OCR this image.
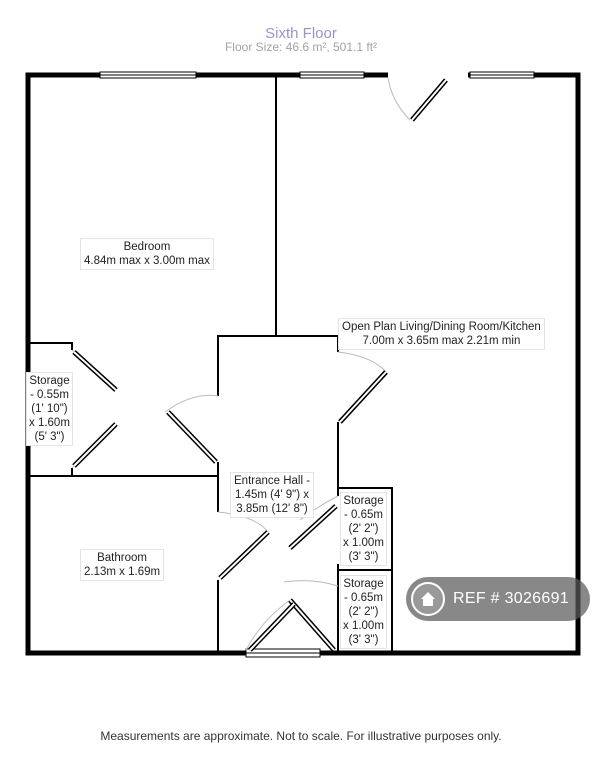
Sixth Floor
Floor Size: 46.6 m², 501.1 ft²
Bedroom
4.84m max x 3.00m max
Open Plan Living/Dining Room/Kitchen
7.00m x 3.65m max 2.21m min
Storage
- 0.55m
(1' 10")
x 1.60m
(5' 3")
Entrance Hall -
1.45m (4' 9") x
3.85m (12' 8")
Storage
- 0.65m
(2' 2")
x 1.00m
(3' 3")
Storage
- 0.65m
(2' 2")
x 1.00m
(3' 3")
Bathroom
2.13m x 1.69m
REF # 3026691
Measurements are approximate. Not to scale. For illustrative purposes only.
